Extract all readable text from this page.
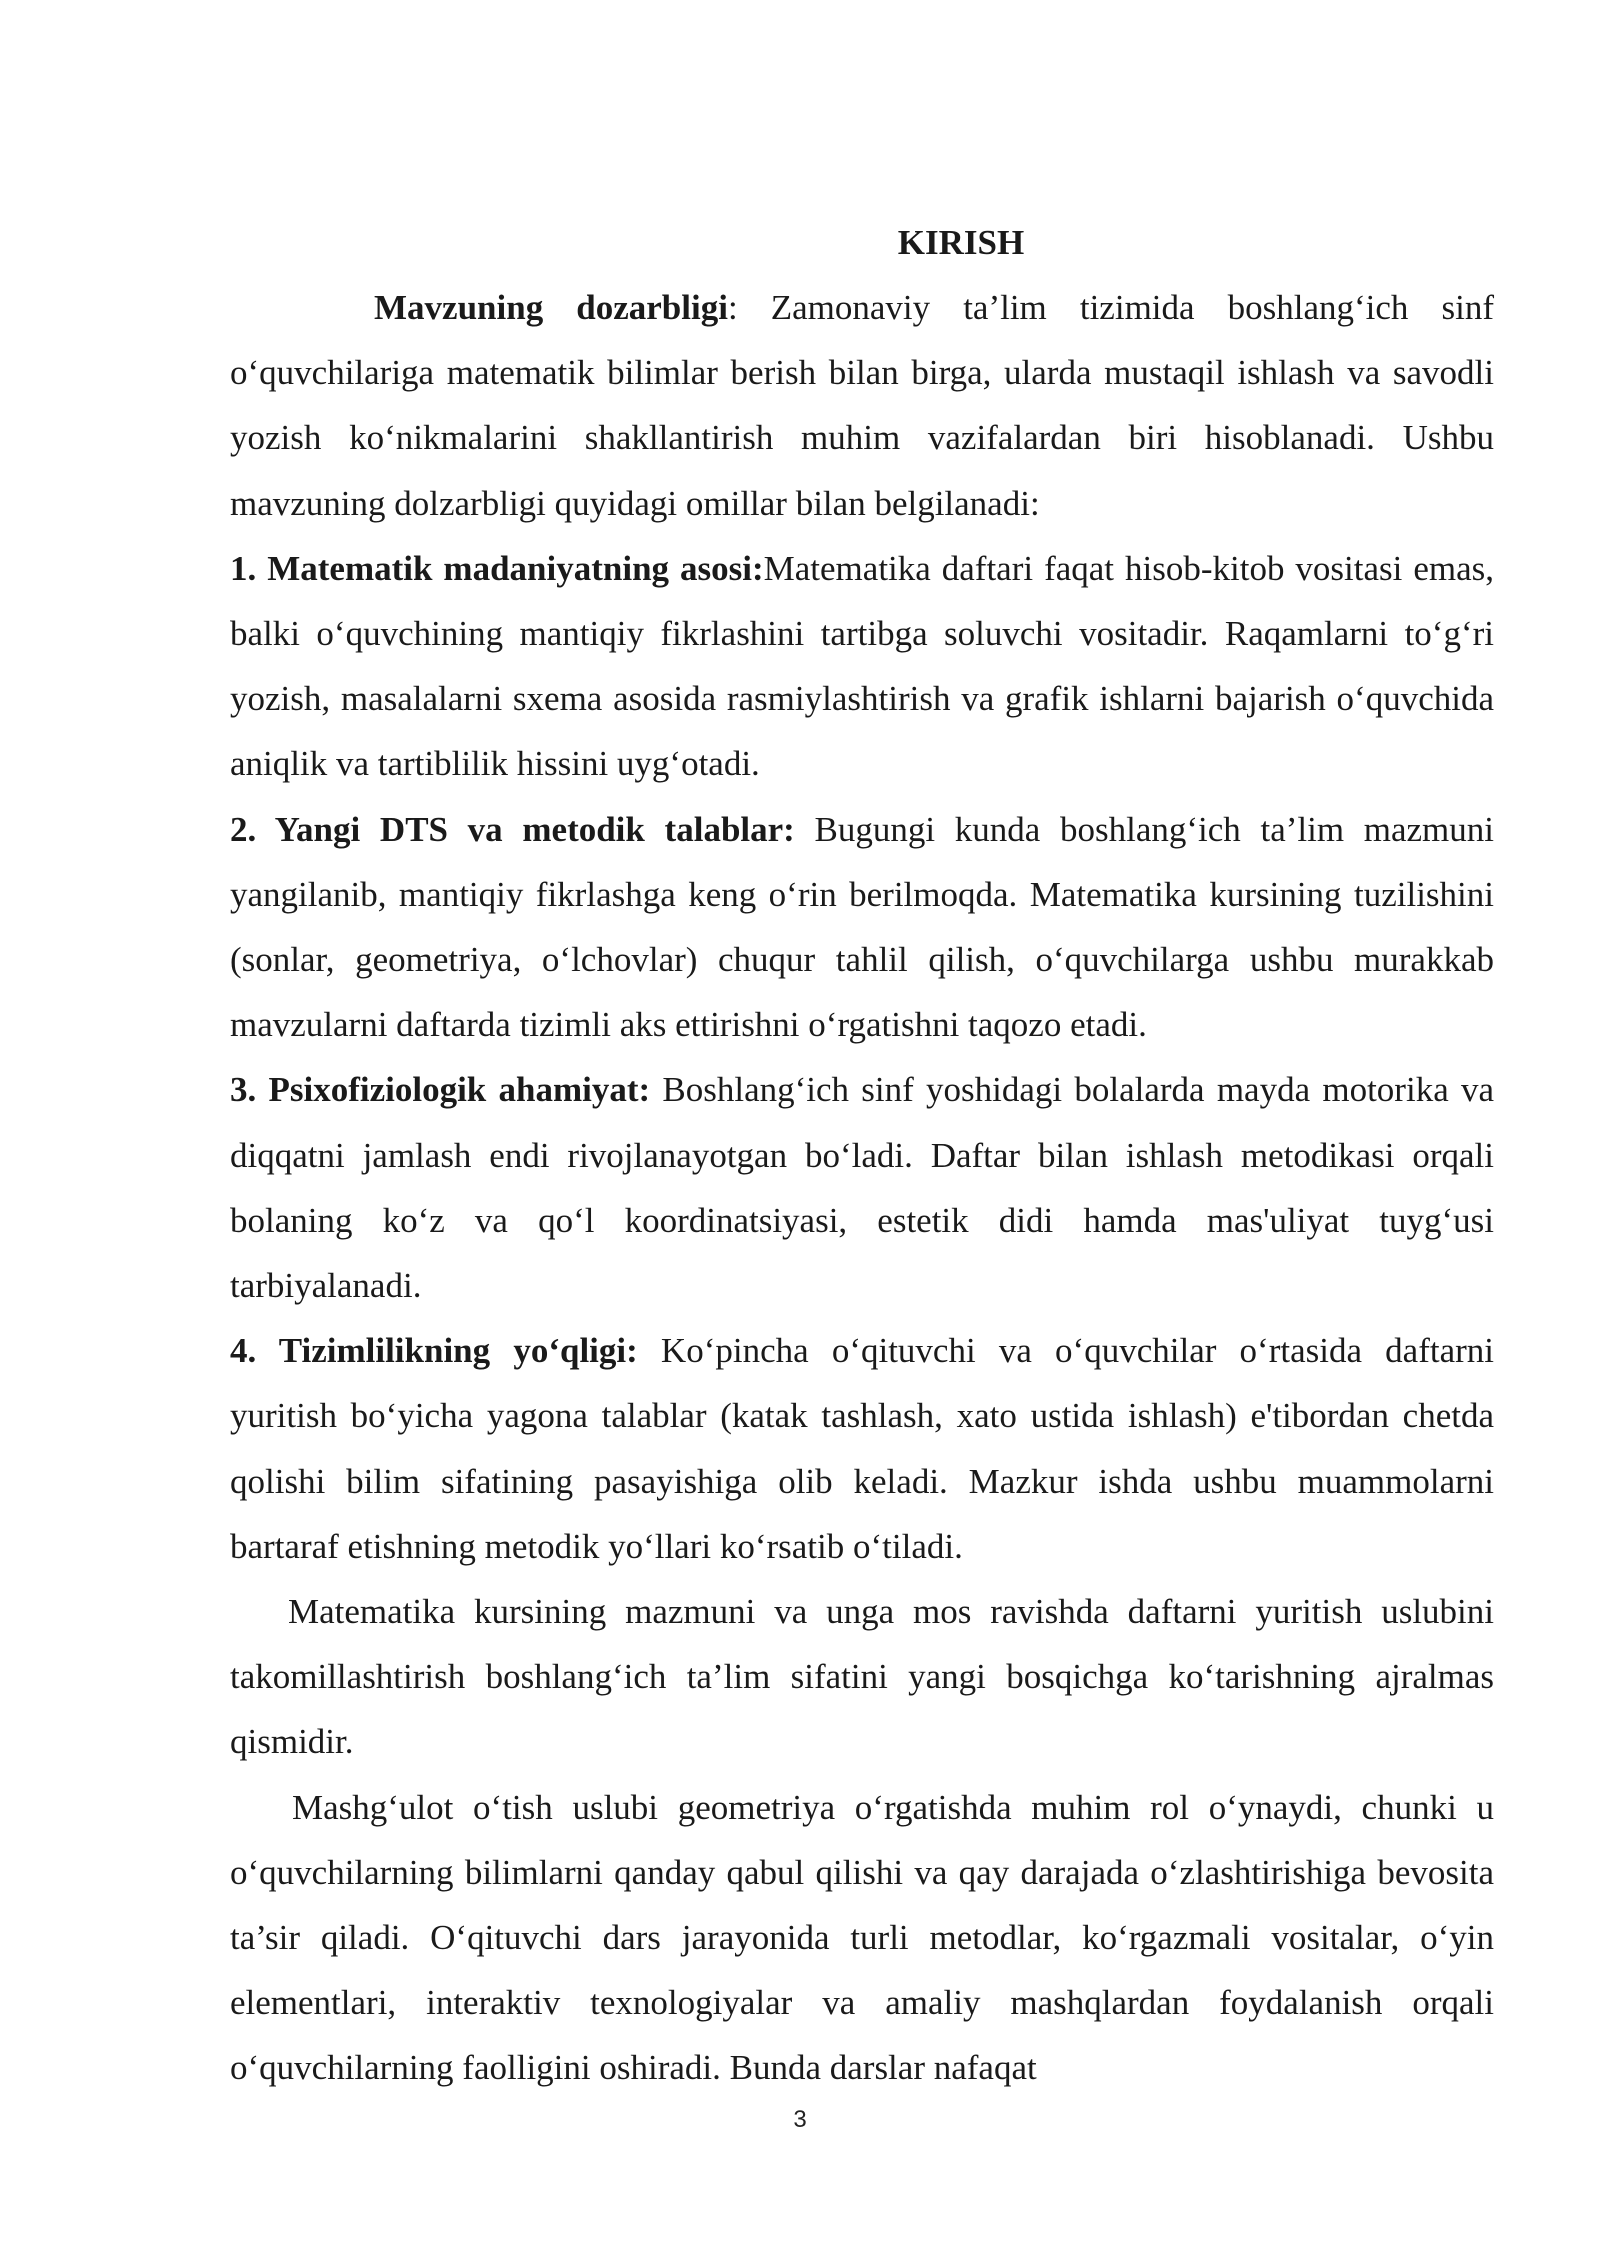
KIRISH

Mavzuning dozarbligi: Zamonaviy ta’lim tizimida boshlang‘ich sinf o‘quvchilariga matematik bilimlar berish bilan birga, ularda mustaqil ishlash va savodli yozish ko‘nikmalarini shakllantirish muhim vazifalardan biri hisoblanadi. Ushbu mavzuning dolzarbligi quyidagi omillar bilan belgilanadi:

1. Matematik madaniyatning asosi:Matematika daftari faqat hisob-kitob vositasi emas, balki o‘quvchining mantiqiy fikrlashini tartibga soluvchi vositadir. Raqamlarni to‘g‘ri yozish, masalalarni sxema asosida rasmiylashtirish va grafik ishlarni bajarish o‘quvchida aniqlik va tartiblilik hissini uyg‘otadi.

2. Yangi DTS va metodik talablar: Bugungi kunda boshlang‘ich ta’lim mazmuni yangilanib, mantiqiy fikrlashga keng o‘rin berilmoqda. Matematika kursining tuzilishini (sonlar, geometriya, o‘lchovlar) chuqur tahlil qilish, o‘quvchilarga ushbu murakkab mavzularni daftarda tizimli aks ettirishni o‘rgatishni taqozo etadi.

3. Psixofiziologik ahamiyat: Boshlang‘ich sinf yoshidagi bolalarda mayda motorika va diqqatni jamlash endi rivojlanayotgan bo‘ladi. Daftar bilan ishlash metodikasi orqali bolaning ko‘z va qo‘l koordinatsiyasi, estetik didi hamda mas'uliyat tuyg‘usi tarbiyalanadi.

4. Tizimlilikning yo‘qligi: Ko‘pincha o‘qituvchi va o‘quvchilar o‘rtasida daftarni yuritish bo‘yicha yagona talablar (katak tashlash, xato ustida ishlash) e'tibordan chetda qolishi bilim sifatining pasayishiga olib keladi. Mazkur ishda ushbu muammolarni bartaraf etishning metodik yo‘llari ko‘rsatib o‘tiladi.

Matematika kursining mazmuni va unga mos ravishda daftarni yuritish uslubini takomillashtirish boshlang‘ich ta’lim sifatini yangi bosqichga ko‘tarishning ajralmas qismidir.

Mashg‘ulot o‘tish uslubi geometriya o‘rgatishda muhim rol o‘ynaydi, chunki u o‘quvchilarning bilimlarni qanday qabul qilishi va qay darajada o‘zlashtirishiga bevosita ta’sir qiladi. O‘qituvchi dars jarayonida turli metodlar, ko‘rgazmali vositalar, o‘yin elementlari, interaktiv texnologiyalar va amaliy mashqlardan foydalanish orqali o‘quvchilarning faolligini oshiradi. Bunda darslar nafaqat

3
